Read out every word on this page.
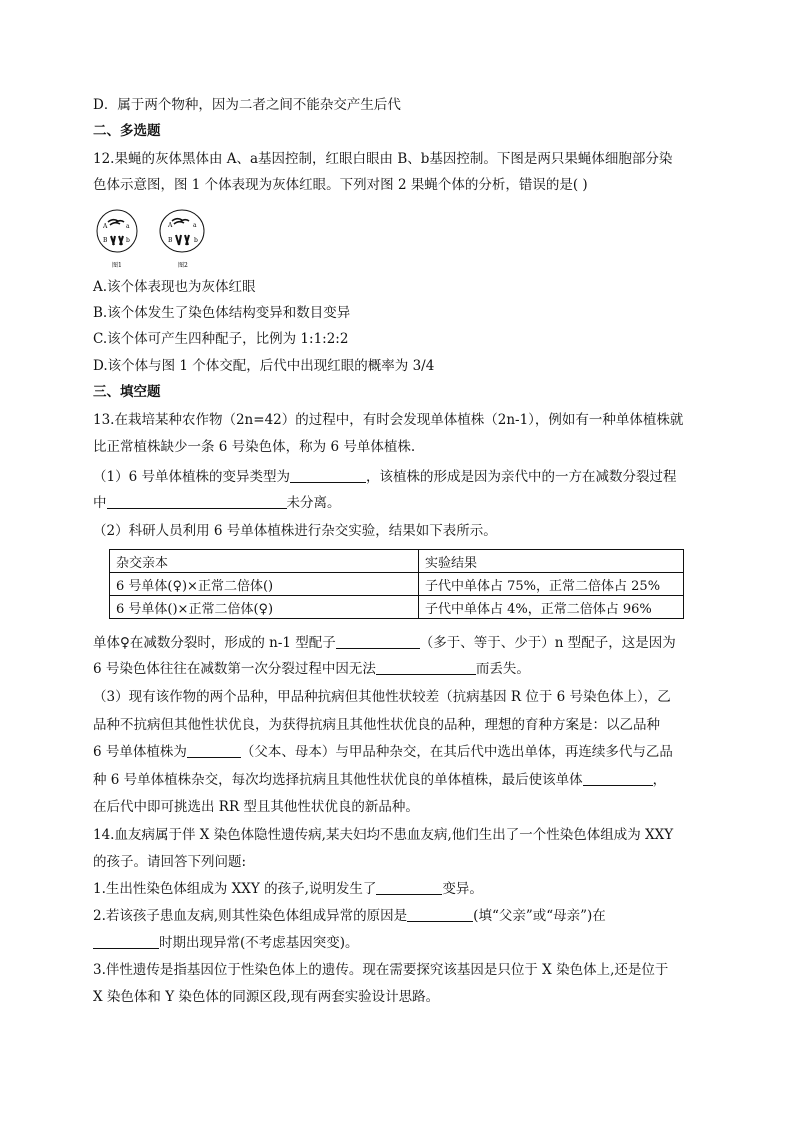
D．属于两个物种，因为二者之间不能杂交产生后代
二、多选题
12.果蝇的灰体黑体由 A、a基因控制，红眼白眼由 B、b基因控制。下图是两只果蝇体细胞部分染
色体示意图，图 1 个体表现为灰体红眼。下列对图 2 果蝇个体的分析，错误的是( )
A	a
B	b
图1
A	a
B	b
图2
A.该个体表现也为灰体红眼
B.该个体发生了染色体结构变异和数目变异
C.该个体可产生四种配子，比例为 1:1:2:2
D.该个体与图 1 个体交配，后代中出现红眼的概率为 3/4
三、填空题
13.在栽培某种农作物（2n=42）的过程中，有时会发现单体植株（2n-1），例如有一种单体植株就
比正常植株缺少一条 6 号染色体，称为 6 号单体植株.
（1）6 号单体植株的变异类型为	，该植株的形成是因为亲代中的一方在减数分裂过程
中	未分离。
（2）科研人员利用 6 号单体植株进行杂交实验，结果如下表所示。
杂交亲本	实验结果
6 号单体(♀)×正常二倍体()	子代中单体占 75%，正常二倍体占 25%
6 号单体()×正常二倍体(♀)	子代中单体占 4%，正常二倍体占 96%
单体♀在减数分裂时，形成的 n-1 型配子	（多于、等于、少于）n 型配子，这是因为
6 号染色体往往在减数第一次分裂过程中因无法	而丢失。
（3）现有该作物的两个品种，甲品种抗病但其他性状较差（抗病基因 R 位于 6 号染色体上），乙
品种不抗病但其他性状优良，为获得抗病且其他性状优良的品种，理想的育种方案是：以乙品种
6 号单体植株为	（父本、母本）与甲品种杂交，在其后代中选出单体，再连续多代与乙品
种 6 号单体植株杂交，每次均选择抗病且其他性状优良的单体植株，最后使该单体	，
在后代中即可挑选出 RR 型且其他性状优良的新品种。
14.血友病属于伴 X 染色体隐性遗传病,某夫妇均不患血友病,他们生出了一个性染色体组成为 XXY
的孩子。请回答下列问题:
1.生出性染色体组成为 XXY 的孩子,说明发生了	变异。
2.若该孩子患血友病,则其性染色体组成异常的原因是	(填“父亲”或“母亲”)在
时期出现异常(不考虑基因突变)。
3.伴性遗传是指基因位于性染色体上的遗传。现在需要探究该基因是只位于 X 染色体上,还是位于
X 染色体和 Y 染色体的同源区段,现有两套实验设计思路。
